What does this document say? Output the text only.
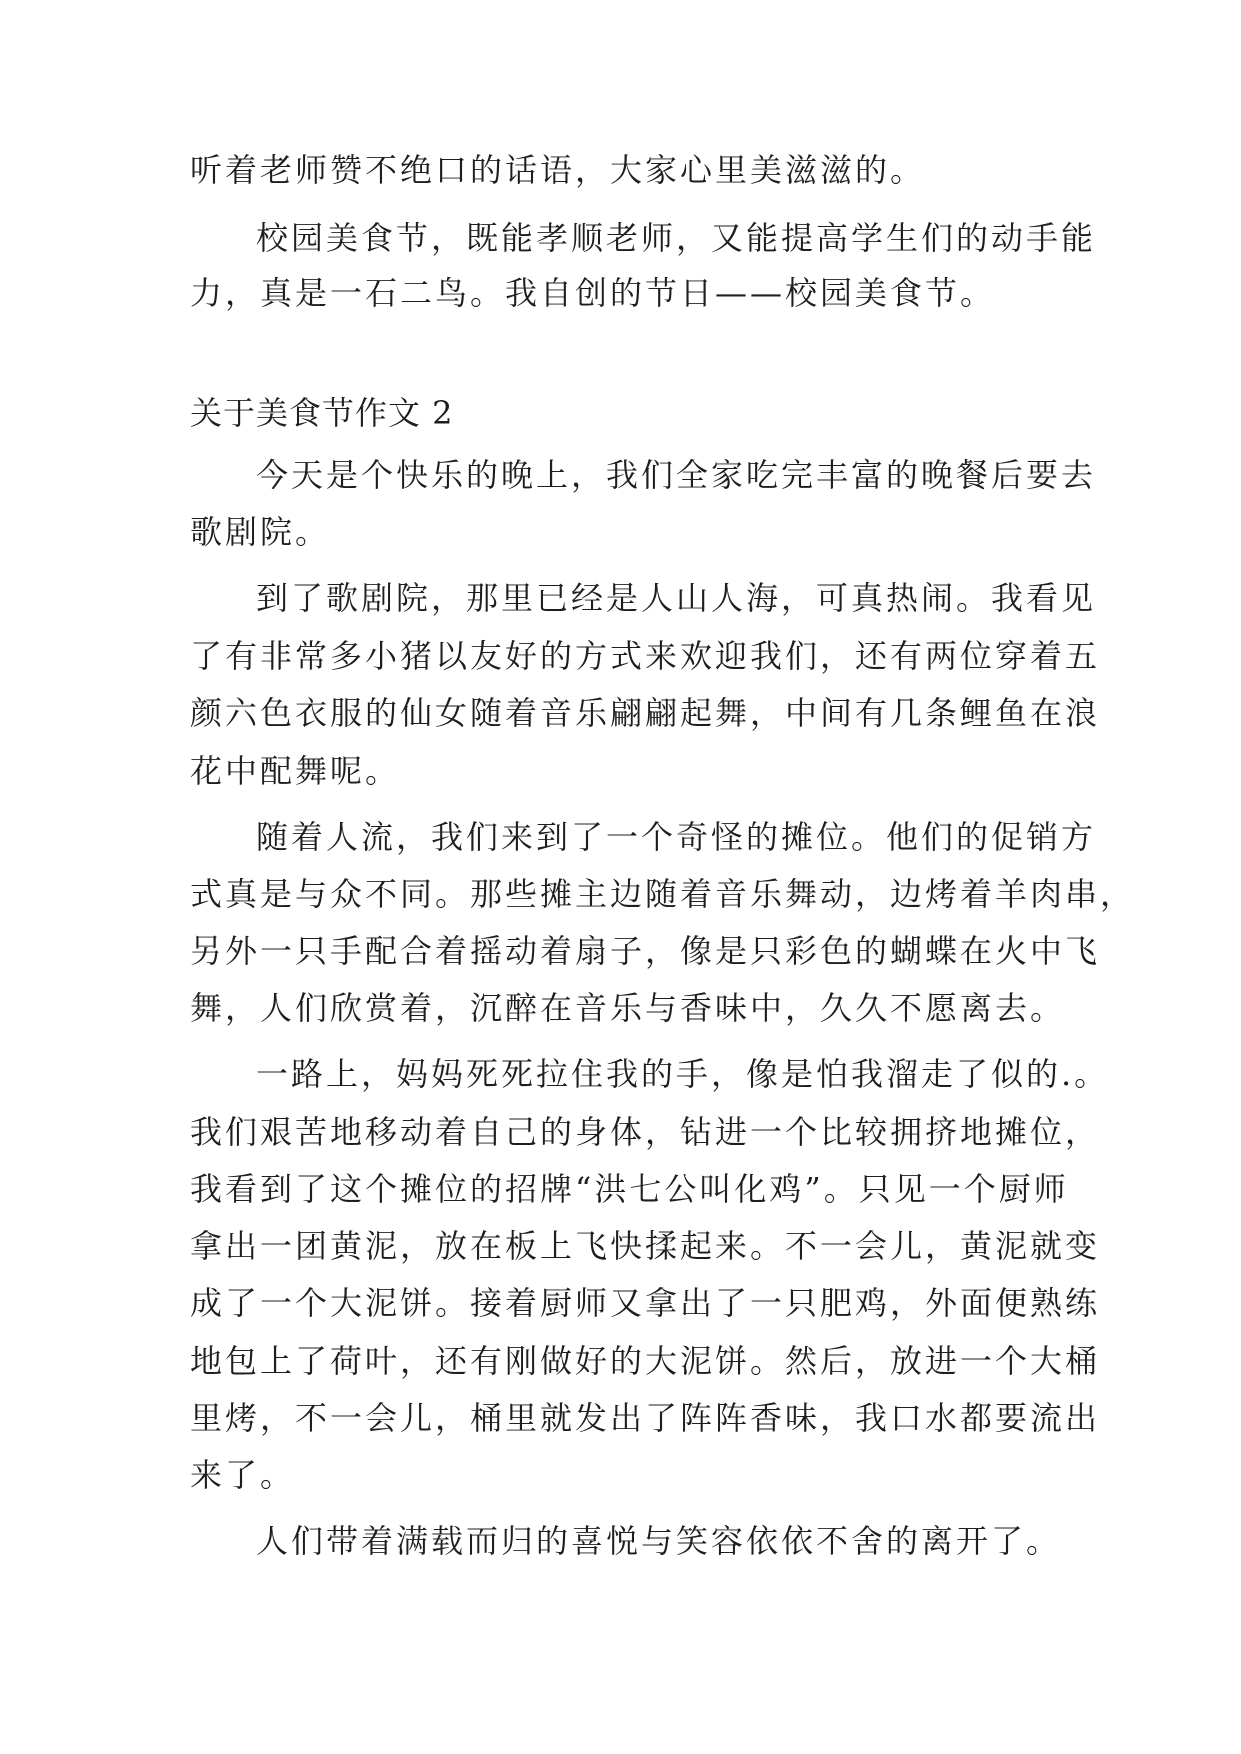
听着老师赞不绝口的话语，大家心里美滋滋的。

校园美食节，既能孝顺老师，又能提高学生们的动手能

力，真是一石二鸟。我自创的节日——校园美食节。

关于美食节作文 2

今天是个快乐的晚上，我们全家吃完丰富的晚餐后要去

歌剧院。

到了歌剧院，那里已经是人山人海，可真热闹。我看见

了有非常多小猪以友好的方式来欢迎我们，还有两位穿着五

颜六色衣服的仙女随着音乐翩翩起舞，中间有几条鲤鱼在浪

花中配舞呢。

随着人流，我们来到了一个奇怪的摊位。他们的促销方

式真是与众不同。那些摊主边随着音乐舞动，边烤着羊肉串，

另外一只手配合着摇动着扇子，像是只彩色的蝴蝶在火中飞

舞，人们欣赏着，沉醉在音乐与香味中，久久不愿离去。

一路上，妈妈死死拉住我的手，像是怕我溜走了似的.。

我们艰苦地移动着自己的身体，钻进一个比较拥挤地摊位，

我看到了这个摊位的招牌“洪七公叫化鸡”。只见一个厨师

拿出一团黄泥，放在板上飞快揉起来。不一会儿，黄泥就变

成了一个大泥饼。接着厨师又拿出了一只肥鸡，外面便熟练

地包上了荷叶，还有刚做好的大泥饼。然后，放进一个大桶

里烤，不一会儿，桶里就发出了阵阵香味，我口水都要流出

来了。

人们带着满载而归的喜悦与笑容依依不舍的离开了。
